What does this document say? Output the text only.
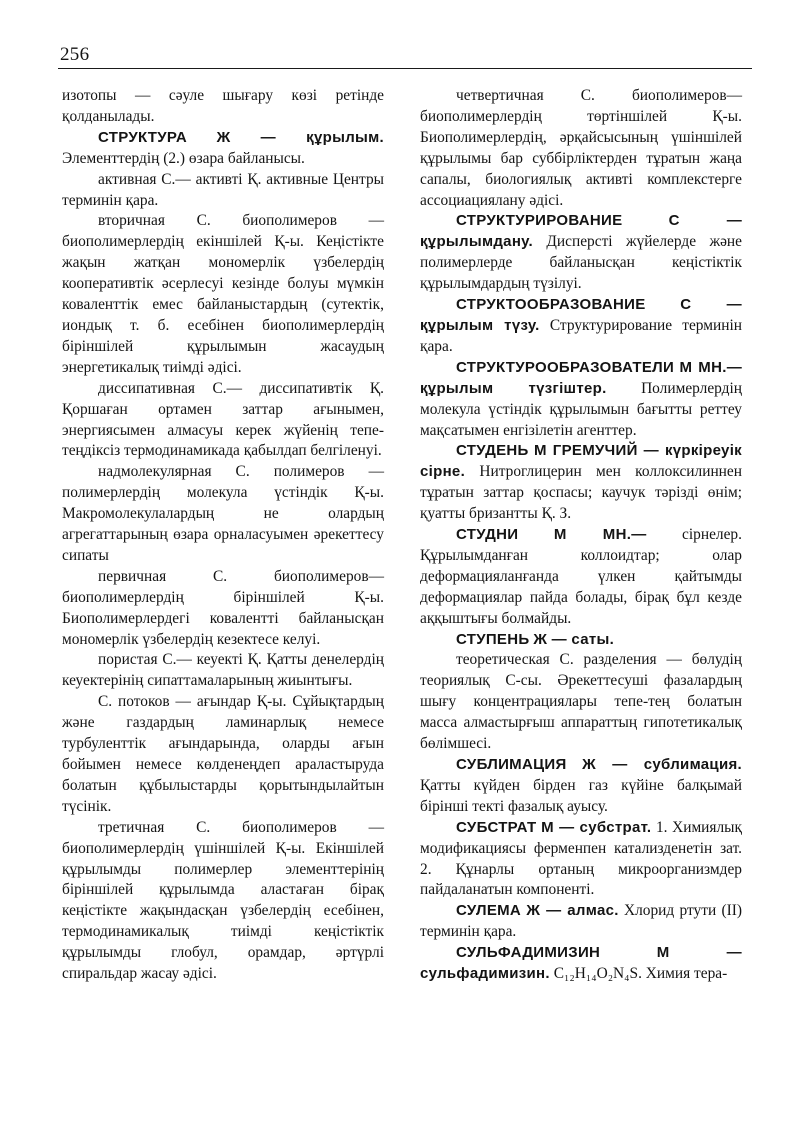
256

изотопы — сәуле шығару көзі ретінде қолданылады.

СТРУКТУРА Ж — құрылым. Элементтердің (2.) өзара байланысы.

активная С.— активті Қ. активные Центры терминін қара.

вторичная С. биополимеров — биополимерлердің екіншілей Қ-ы. Кеңістікте жақын жатқан мономерлік үзбелердің кооперативтік әсерлесуі кезінде болуы мүмкін коваленттік емес байланыстардың (сутектік, иондық т. б. есебінен биополимерлердің біріншілей құрылымын жасаудың энергетикалық тиімді әдісі.

диссипативная С.— диссипативтік Қ. Қоршаған ортамен заттар ағынымен, энергиясымен алмасуы керек жүйенің тепе-теңдіксіз термодинамикада қабылдап белгіленуі.

надмолекулярная С. полимеров — полимерлердің молекула үстіндік Қ-ы. Макромолекулалардың не олардың агрегаттарының өзара орналасуымен әрекеттесу сипаты

первичная С. биополимеров— биополимерлердің біріншілей Қ-ы. Биополимерлердегі коваленттi байланысқан мономерлік үзбелердің кезектесе келуі.

пористая С.— кеуекті Қ. Қатты денелердің кеуектерінің сипаттамаларының жиынтығы.

С. потоков — ағындар Қ-ы. Сұйықтардың және газдардың ламинарлық немесе турбуленттік ағындарында, оларды ағын бойымен немесе көлденеңдеп араластыруда болатын құбылыстарды қорытындылайтын түсінік.

третичная С. биополимеров — биополимерлердің үшіншілей Қ-ы. Екіншілей құрылымды полимерлер элементтерінің біріншілей құрылымда аластаған бірақ кеңістікте жақындасқан үзбелердің есебінен, термодинамикалық тиімді кеңістіктік құрылымды глобул, орамдар, әртүрлі спиральдар жасау әдісі.

четвертичная С. биополимеров— биополимерлердің төртіншілей Қ-ы. Биополимерлердің, әрқайсысының үшіншілей құрылымы бар суббірліктерден тұратын жаңа сапалы, биологиялық активті комплекстерге ассоциациялану әдісі.

СТРУКТУРИРОВАНИЕ	С — құрылымдану. Дисперсті жүйелерде және полимерлерде байланысқан кеңістіктік құрылымдардың түзілуі.

СТРУКТООБРАЗОВАНИЕ С — құрылым түзу. Структурирование терминін қара.

СТРУКТУРООБРАЗОВАТЕЛИ М МН.— құрылым түзгіштер. Полимерлердің молекула үстіндік құрылымын бағытты реттеу мақсатымен енгізілетін агенттер.

СТУДЕНЬ М ГРЕМУЧИЙ — күркіреуік сірне. Нитроглицерин мен коллоксилиннен тұратын заттар қоспасы; каучук тәрізді өнім; қуатты бризантты Қ. З.

СТУДНИ М МН.— сірнелер. Құрылымданған коллоидтар; олар деформацияланғанда үлкен қайтымды деформациялар пайда болады, бірақ бұл кезде аққыштығы болмайды.

СТУПЕНЬ Ж — саты.

теоретическая С. разделения — бөлудің теориялық С-сы. Әрекеттесуші фазалардың шығу концентрациялары тепе-тең болатын масса алмастырғыш аппараттың гипотетикалық бөлімшесі.

СУБЛИМАЦИЯ Ж — сублимация. Қатты күйден бірден газ күйіне балқымай біріншi текті фазалық ауысу.

СУБСТРАТ М — субстрат. 1. Химиялық модификациясы ферменпен катализденетін зат. 2. Құнарлы ортаның микроорганизмдер пайдаланатын компоненті.

СУЛЕМА Ж — алмас. Хлорид ртути (II) терминін қара.

СУЛЬФАДИМИЗИН	М — сульфадимизин. C₁₂H₁₄O₂N₄S. Химия тера-
